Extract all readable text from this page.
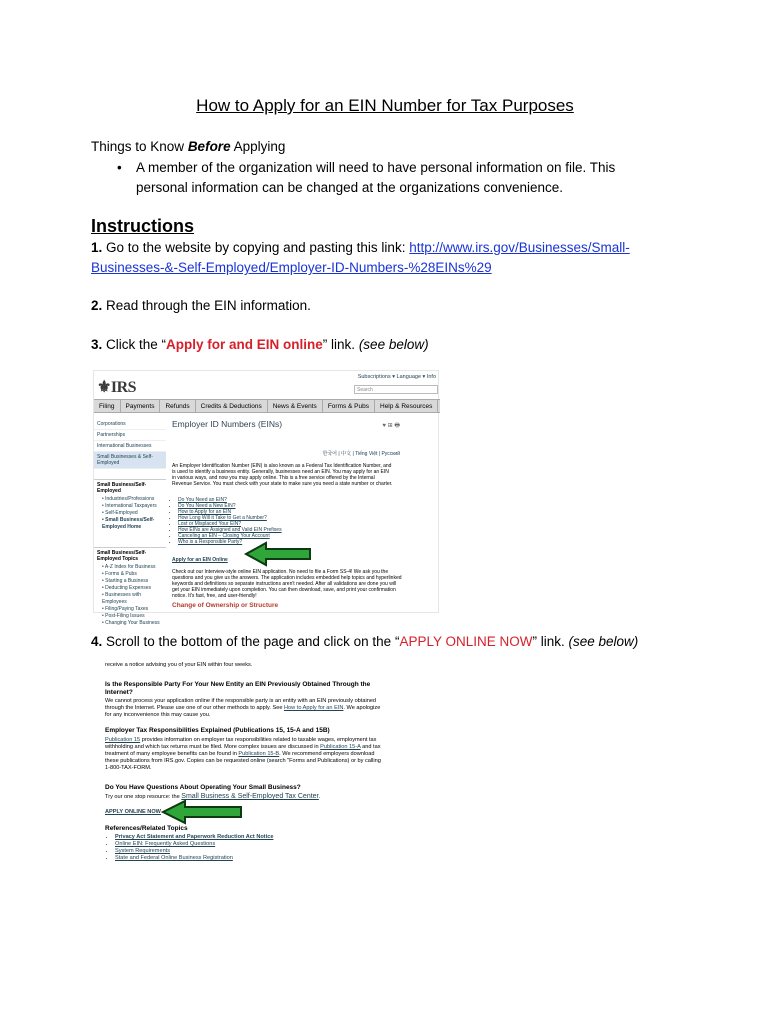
How to Apply for an EIN Number for Tax Purposes
Things to Know Before Applying
• A member of the organization will need to have personal information on file. This personal information can be changed at the organizations convenience.
Instructions
1. Go to the website by copying and pasting this link: http://www.irs.gov/Businesses/Small-Businesses-&-Self-Employed/Employer-ID-Numbers-%28EINs%29
2. Read through the EIN information.
3. Click the “Apply for and EIN online” link. (see below)
⚜IRS
Subscriptions ▾ Language ▾ Info
Search
Filing	Payments	Refunds	Credits & Deductions	News & Events	Forms & Pubs	Help & Resources
Corporations
Partnerships
International Businesses
Small Businesses & Self-Employed
Small Business/Self-Employed
• Industries/Professions
• International Taxpayers
• Self-Employed
• Small Business/Self-Employed Home
Small Business/Self-Employed Topics
• A-Z Index for Business
• Forms & Pubs
• Starting a Business
• Deducting Expenses
• Businesses with Employees
• Filing/Paying Taxes
• Post-Filing Issues
• Changing Your Business
Employer ID Numbers (EINs)	♥ ⊞ 🖶
한국어 | 中文 | Tiếng Việt | Русский
An Employer Identification Number (EIN) is also known as a Federal Tax Identification Number, and is used to identify a business entity. Generally, businesses need an EIN. You may apply for an EIN in various ways, and now you may apply online. This is a free service offered by the Internal Revenue Service. You must check with your state to make sure you need a state number or charter.
• Do You Need an EIN?
• Do You Need a New EIN?
• How to Apply for an EIN
• How Long Will it Take to Get a Number?
• Lost or Misplaced Your EIN?
• How EINs are Assigned and Valid EIN Prefixes
• Canceling an EIN – Closing Your Account
• Who is a Responsible Party?
Apply for an EIN Online
Check out our Interview-style online EIN application. No need to file a Form SS-4! We ask you the questions and you give us the answers. The application includes embedded help topics and hyperlinked keywords and definitions so separate instructions aren't needed. After all validations are done you will get your EIN immediately upon completion. You can then download, save, and print your confirmation notice. It's fast, free, and user-friendly!
Change of Ownership or Structure
4. Scroll to the bottom of the page and click on the “APPLY ONLINE NOW” link. (see below)
receive a notice advising you of your EIN within four weeks.
Is the Responsible Party For Your New Entity an EIN Previously Obtained Through the Internet?
We cannot process your application online if the responsible party is an entity with an EIN previously obtained through the Internet. Please use one of our other methods to apply. See How to Apply for an EIN. We apologize for any inconvenience this may cause you.
Employer Tax Responsibilities Explained (Publications 15, 15-A and 15B)
Publication 15 provides information on employer tax responsibilities related to taxable wages, employment tax withholding and which tax returns must be filed. More complex issues are discussed in Publication 15-A and tax treatment of many employee benefits can be found in Publication 15-B. We recommend employers download these publications from IRS.gov. Copies can be requested online (search "Forms and Publications) or by calling 1-800-TAX-FORM.
Do You Have Questions About Operating Your Small Business?
Try our one stop resource: the Small Business & Self-Employed Tax Center.
APPLY ONLINE NOW
References/Related Topics
• Privacy Act Statement and Paperwork Reduction Act Notice
• Online EIN: Frequently Asked Questions
• System Requirements
• State and Federal Online Business Registration
